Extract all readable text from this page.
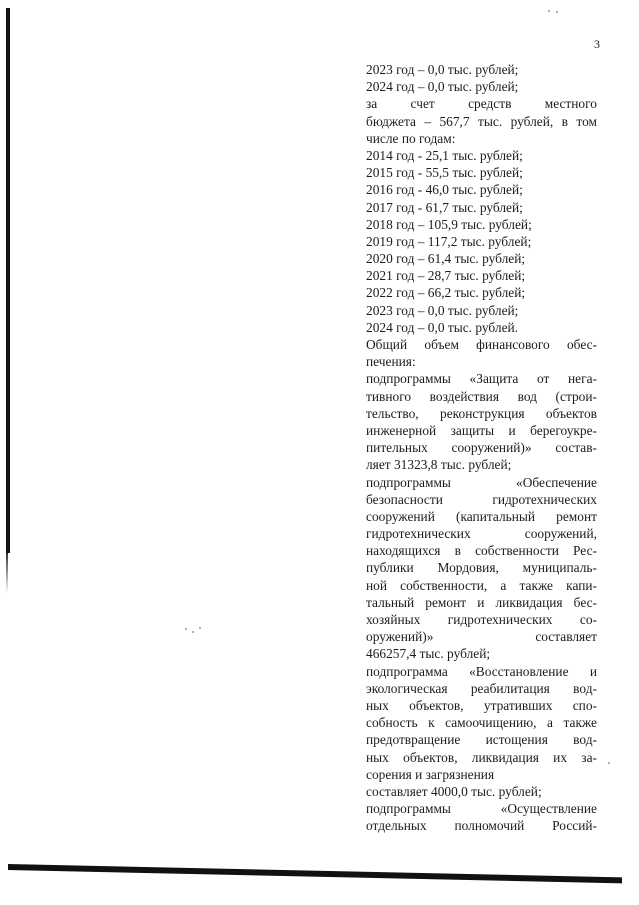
3
2023 год – 0,0 тыс. рублей;
2024 год – 0,0 тыс. рублей;
за счет средств местного
бюджета – 567,7 тыс. рублей, в том
числе по годам:
2014 год - 25,1 тыс. рублей;
2015 год - 55,5 тыс. рублей;
2016 год - 46,0 тыс. рублей;
2017 год - 61,7 тыс. рублей;
2018 год – 105,9 тыс. рублей;
2019 год – 117,2 тыс. рублей;
2020 год – 61,4 тыс. рублей;
2021 год – 28,7 тыс. рублей;
2022 год – 66,2 тыс. рублей;
2023 год – 0,0 тыс. рублей;
2024 год – 0,0 тыс. рублей.
Общий объем финансового обес-
печения:
подпрограммы «Защита от нега-
тивного воздействия вод (строи-
тельство, реконструкция объектов
инженерной защиты и берегоукре-
пительных сооружений)» состав-
ляет 31323,8 тыс. рублей;
подпрограммы «Обеспечение
безопасности гидротехнических
сооружений (капитальный ремонт
гидротехнических сооружений,
находящихся в собственности Рес-
публики Мордовия, муниципаль-
ной собственности, а также капи-
тальный ремонт и ликвидация бес-
хозяйных гидротехнических со-
оружений)» составляет
466257,4 тыс. рублей;
подпрограмма «Восстановление и
экологическая реабилитация вод-
ных объектов, утративших спо-
собность к самоочищению, а также
предотвращение истощения вод-
ных объектов, ликвидация их за-
сорения и загрязнения
составляет 4000,0 тыс. рублей;
подпрограммы «Осуществление
отдельных полномочий Россий-
